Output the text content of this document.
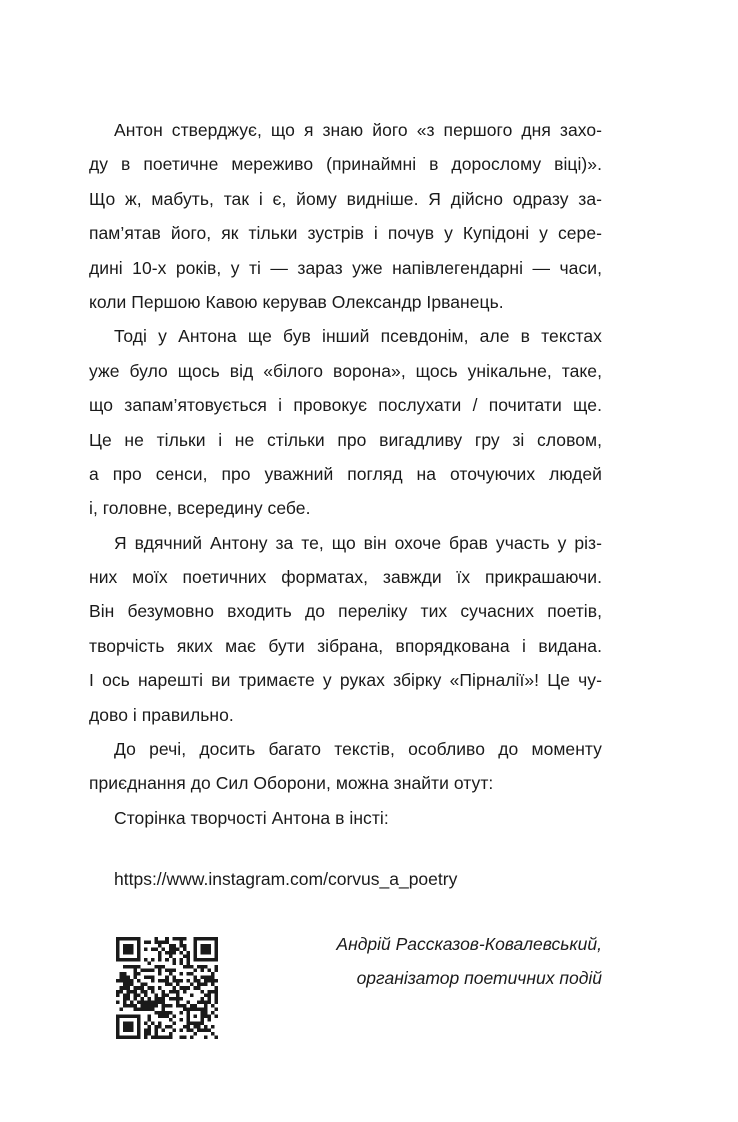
Антон стверджує, що я знаю його «з першого дня захо-
ду в поетичне мереживо (принаймні в дорослому віці)».
Що ж, мабуть, так і є, йому видніше. Я дійсно одразу за-
пам’ятав його, як тільки зустрів і почув у Купідоні у сере-
дині 10-х років, у ті — зараз уже напівлегендарні — часи,
коли Першою Кавою керував Олександр Ірванець.
Тоді у Антона ще був інший псевдонім, але в текстах
уже було щось від «білого ворона», щось унікальне, таке,
що запам’ятовується і провокує послухати / почитати ще.
Це не тільки і не стільки про вигадливу гру зі словом,
а про сенси, про уважний погляд на оточуючих людей
і, головне, всередину себе.
Я вдячний Антону за те, що він охоче брав участь у різ-
них моїх поетичних форматах, завжди їх прикрашаючи.
Він безумовно входить до переліку тих сучасних поетів,
творчість яких має бути зібрана, впорядкована і видана.
І ось нарешті ви тримаєте у руках збірку «Пірналії»! Це чу-
дово і правильно.
До речі, досить багато текстів, особливо до моменту
приєднання до Сил Оборони, можна знайти отут:
Сторінка творчості Антона в інсті:
https://www.instagram.com/corvus_a_poetry
Андрій Рассказов-Ковалевський,
організатор поетичних подій
